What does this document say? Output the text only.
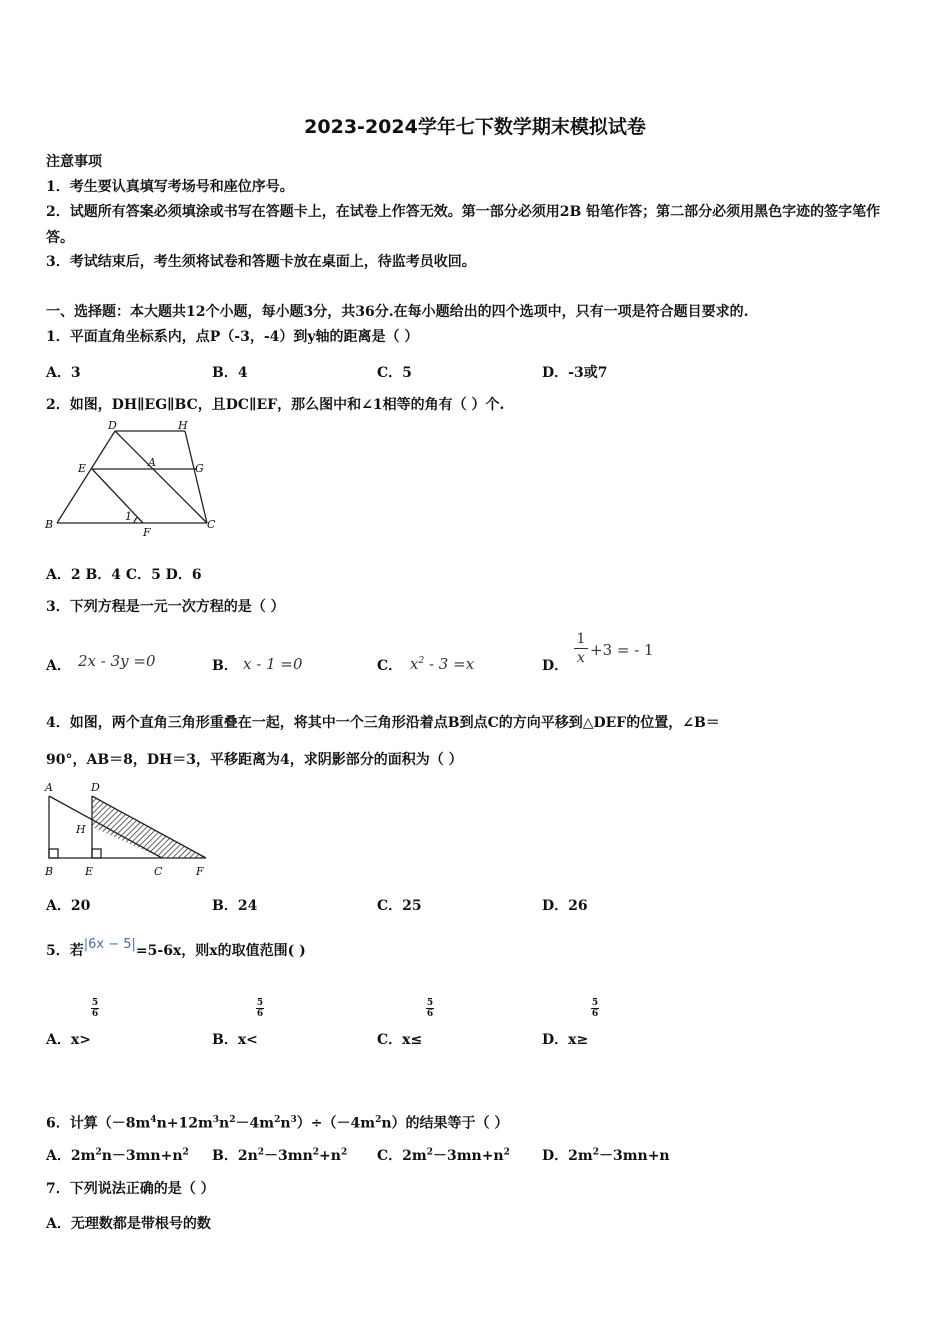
2023-2024学年七下数学期末模拟试卷
注意事项
1．考生要认真填写考场号和座位序号。
2．试题所有答案必须填涂或书写在答题卡上，在试卷上作答无效。第一部分必须用2B 铅笔作答；第二部分必须用黑色字迹的签字笔作答。
3．考试结束后，考生须将试卷和答题卡放在桌面上，待监考员收回。
一、选择题：本大题共12个小题，每小题3分，共36分.在每小题给出的四个选项中，只有一项是符合题目要求的.
1．平面直角坐标系内，点P（-3，-4）到y轴的距离是（ ）
A．3	B．4	C．5	D．-3或7
2．如图，DH∥EG∥BC，且DC∥EF，那么图中和∠1相等的角有（ ）个.
D	H
E	A	G
B
1
F
C
A．2 B．4 C．5 D．6
3．下列方程是一元一次方程的是（ ）
A． 2x - 3y =0	B． x - 1 =0	C． $x^2 - 3 =x$	D．
1
x +3 = - 1
4．如图，两个直角三角形重叠在一起，将其中一个三角形沿着点B到点C的方向平移到△DEF的位置，∠B＝
90°，AB＝8，DH＝3，平移距离为4，求阴影部分的面积为（ ）
A	D
H
B	E	C	F
A．20	B．24	C．25	D．26
5．若|6x − 5|=5-6x，则x的取值范围( )
5
6
5
6
5
6
5
6
A．x>	B．x<	C．x≤	D．x≥
6．计算$(-8m^4n+12m^3n^2-4m^2n^3)\div(-4m^2n)$的结果等于（ ）
A．$2m^2n-3mn+n^2$ B．$2n^2-3mn^2+n^2$ C．$2m^2-3mn+n^2$ D．$2m^2-3mn+n$
7．下列说法正确的是（ ）
A．无理数都是带根号的数
